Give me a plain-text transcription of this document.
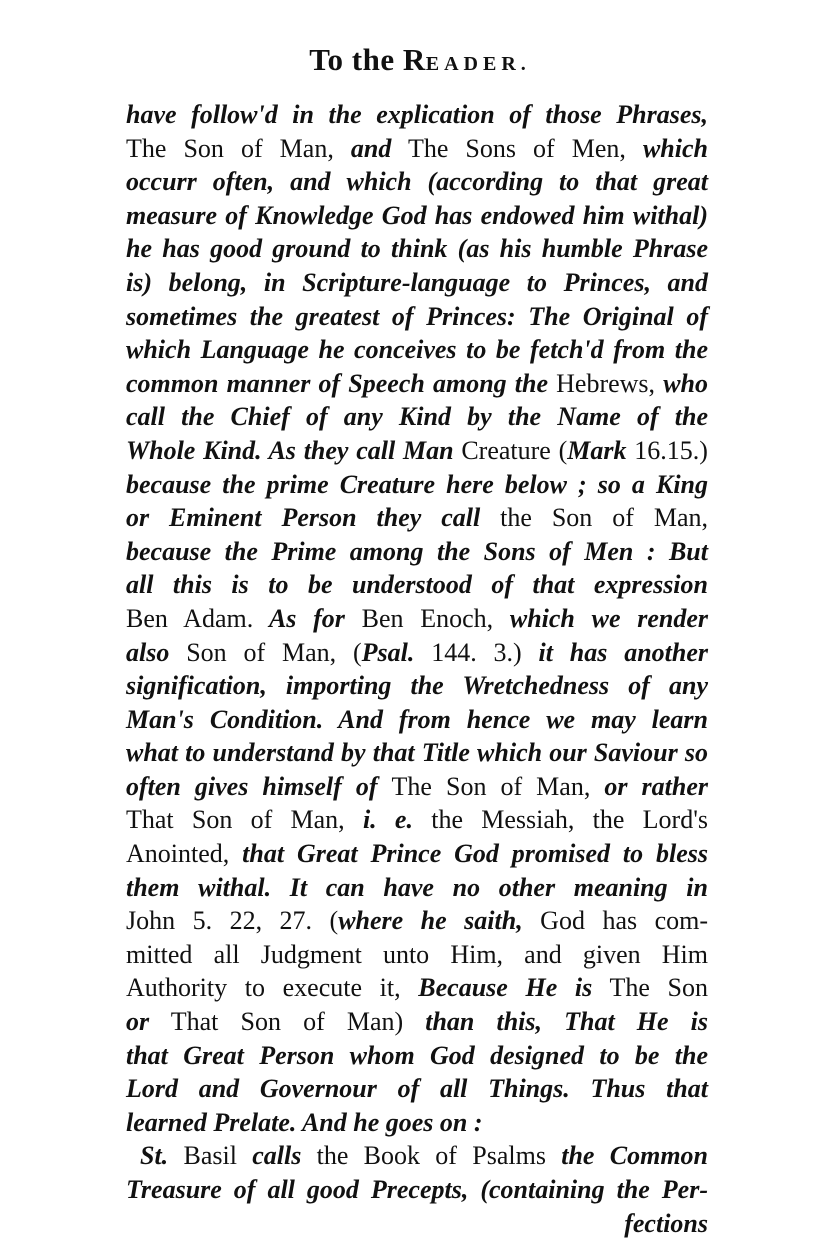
To the READER.
have follow'd in the explication of those Phrases,
The Son of Man, and The Sons of Men, which
occurr often, and which (according to that great
measure of Knowledge God has endowed him withal)
he has good ground to think (as his humble Phrase
is) belong, in Scripture-language to Princes, and
sometimes the greatest of Princes: The Original of
which Language he conceives to be fetch'd from the
common manner of Speech among the Hebrews, who
call the Chief of any Kind by the Name of the
Whole Kind. As they call Man Creature (Mark 16.15.)
because the prime Creature here below ; so a King
or Eminent Person they call the Son of Man,
because the Prime among the Sons of Men : But
all this is to be understood of that expression
Ben Adam. As for Ben Enoch, which we render
also Son of Man, (Psal. 144. 3.) it has another
signification, importing the Wretchedness of any
Man's Condition. And from hence we may learn
what to understand by that Title which our Saviour so
often gives himself of The Son of Man, or rather
That Son of Man, i. e. the Messiah, the Lord's
Anointed, that Great Prince God promised to bless
them withal. It can have no other meaning in
John 5. 22, 27. (where he saith, God has com-
mitted all Judgment unto Him, and given Him
Authority to execute it, Because He is The Son
or That Son of Man) than this, That He is
that Great Person whom God designed to be the
Lord and Governour of all Things. Thus that
learned Prelate. And he goes on :
St. Basil calls the Book of Psalms the Common
Treasure of all good Precepts, (containing the Per-
fections
